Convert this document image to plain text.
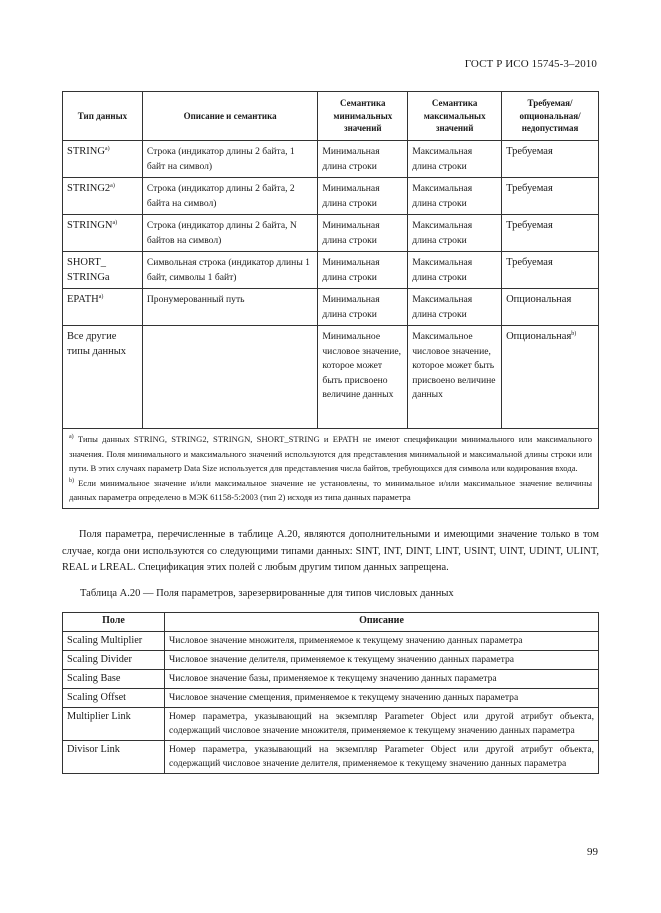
ГОСТ Р ИСО 15745-3–2010
Тип данных	Описание и семантика	Семантика минимальных значений	Семантика максимальных значений	Требуемая/ опциональная/ недопустимая
STRING$^{a)}$	Строка (индикатор длины 2 байта, 1 байт на символ)	Минимальная длина строки	Максимальная длина строки	Требуемая
STRING2$^{a)}$	Строка (индикатор длины 2 байта, 2 байта на символ)	Минимальная длина строки	Максимальная длина строки	Требуемая
STRINGN$^{a)}$	Строка (индикатор длины 2 байта, N байтов на символ)	Минимальная длина строки	Максимальная длина строки	Требуемая
SHORT_ STRINGa	Символьная строка (индикатор длины 1 байт, символы 1 байт)	Минимальная длина строки	Максимальная длина строки	Требуемая
EPATH$^{a)}$	Пронумерованный путь	Минимальная длина строки	Максимальная длина строки	Опциональная
Все другие типы данных		Минимальное числовое значение, которое может быть присвоено величине данных	Максимальное числовое значение, которое может быть присвоено величине данных	Опциональная$^{b)}$

$^{a)}$ Типы данных STRING, STRING2, STRINGN, SHORT_STRING и EPATH не имеют спецификации минимального или максимального значения. Поля минимального и максимального значений используются для представления минимальной и максимальной длины строки или пути. В этих случаях параметр Data Size используется для представления числа байтов, требующихся для символа или кодирования входа.
$^{b)}$ Если минимальное значение и/или максимальное значение не установлены, то минимальное и/или максимальное значение величины данных параметра определено в МЭК 61158-5:2003 (тип 2) исходя из типа данных параметра				
Поля параметра, перечисленные в таблице А.20, являются дополнительными и имеющими значение только в том случае, когда они используются со следующими типами данных: SINT, INT, DINT, LINT, USINT, UINT, UDINT, ULINT, REAL и LREAL. Спецификация этих полей с любым другим типом данных запрещена.
Таблица А.20 — Поля параметров, зарезервированные для типов числовых данных
Поле	Описание
Scaling Multiplier	Числовое значение множителя, применяемое к текущему значению данных параметра
Scaling Divider	Числовое значение делителя, применяемое к текущему значению данных параметра
Scaling Base	Числовое значение базы, применяемое к текущему значению данных параметра
Scaling Offset	Числовое значение смещения, применяемое к текущему значению данных параметра
Multiplier Link	Номер параметра, указывающий на экземпляр Parameter Object или другой атрибут объекта, содержащий числовое значение множителя, применяемое к текущему значению данных параметра
Divisor Link	Номер параметра, указывающий на экземпляр Parameter Object или другой атрибут объекта, содержащий числовое значение делителя, применяемое к текущему значению данных параметра
99
